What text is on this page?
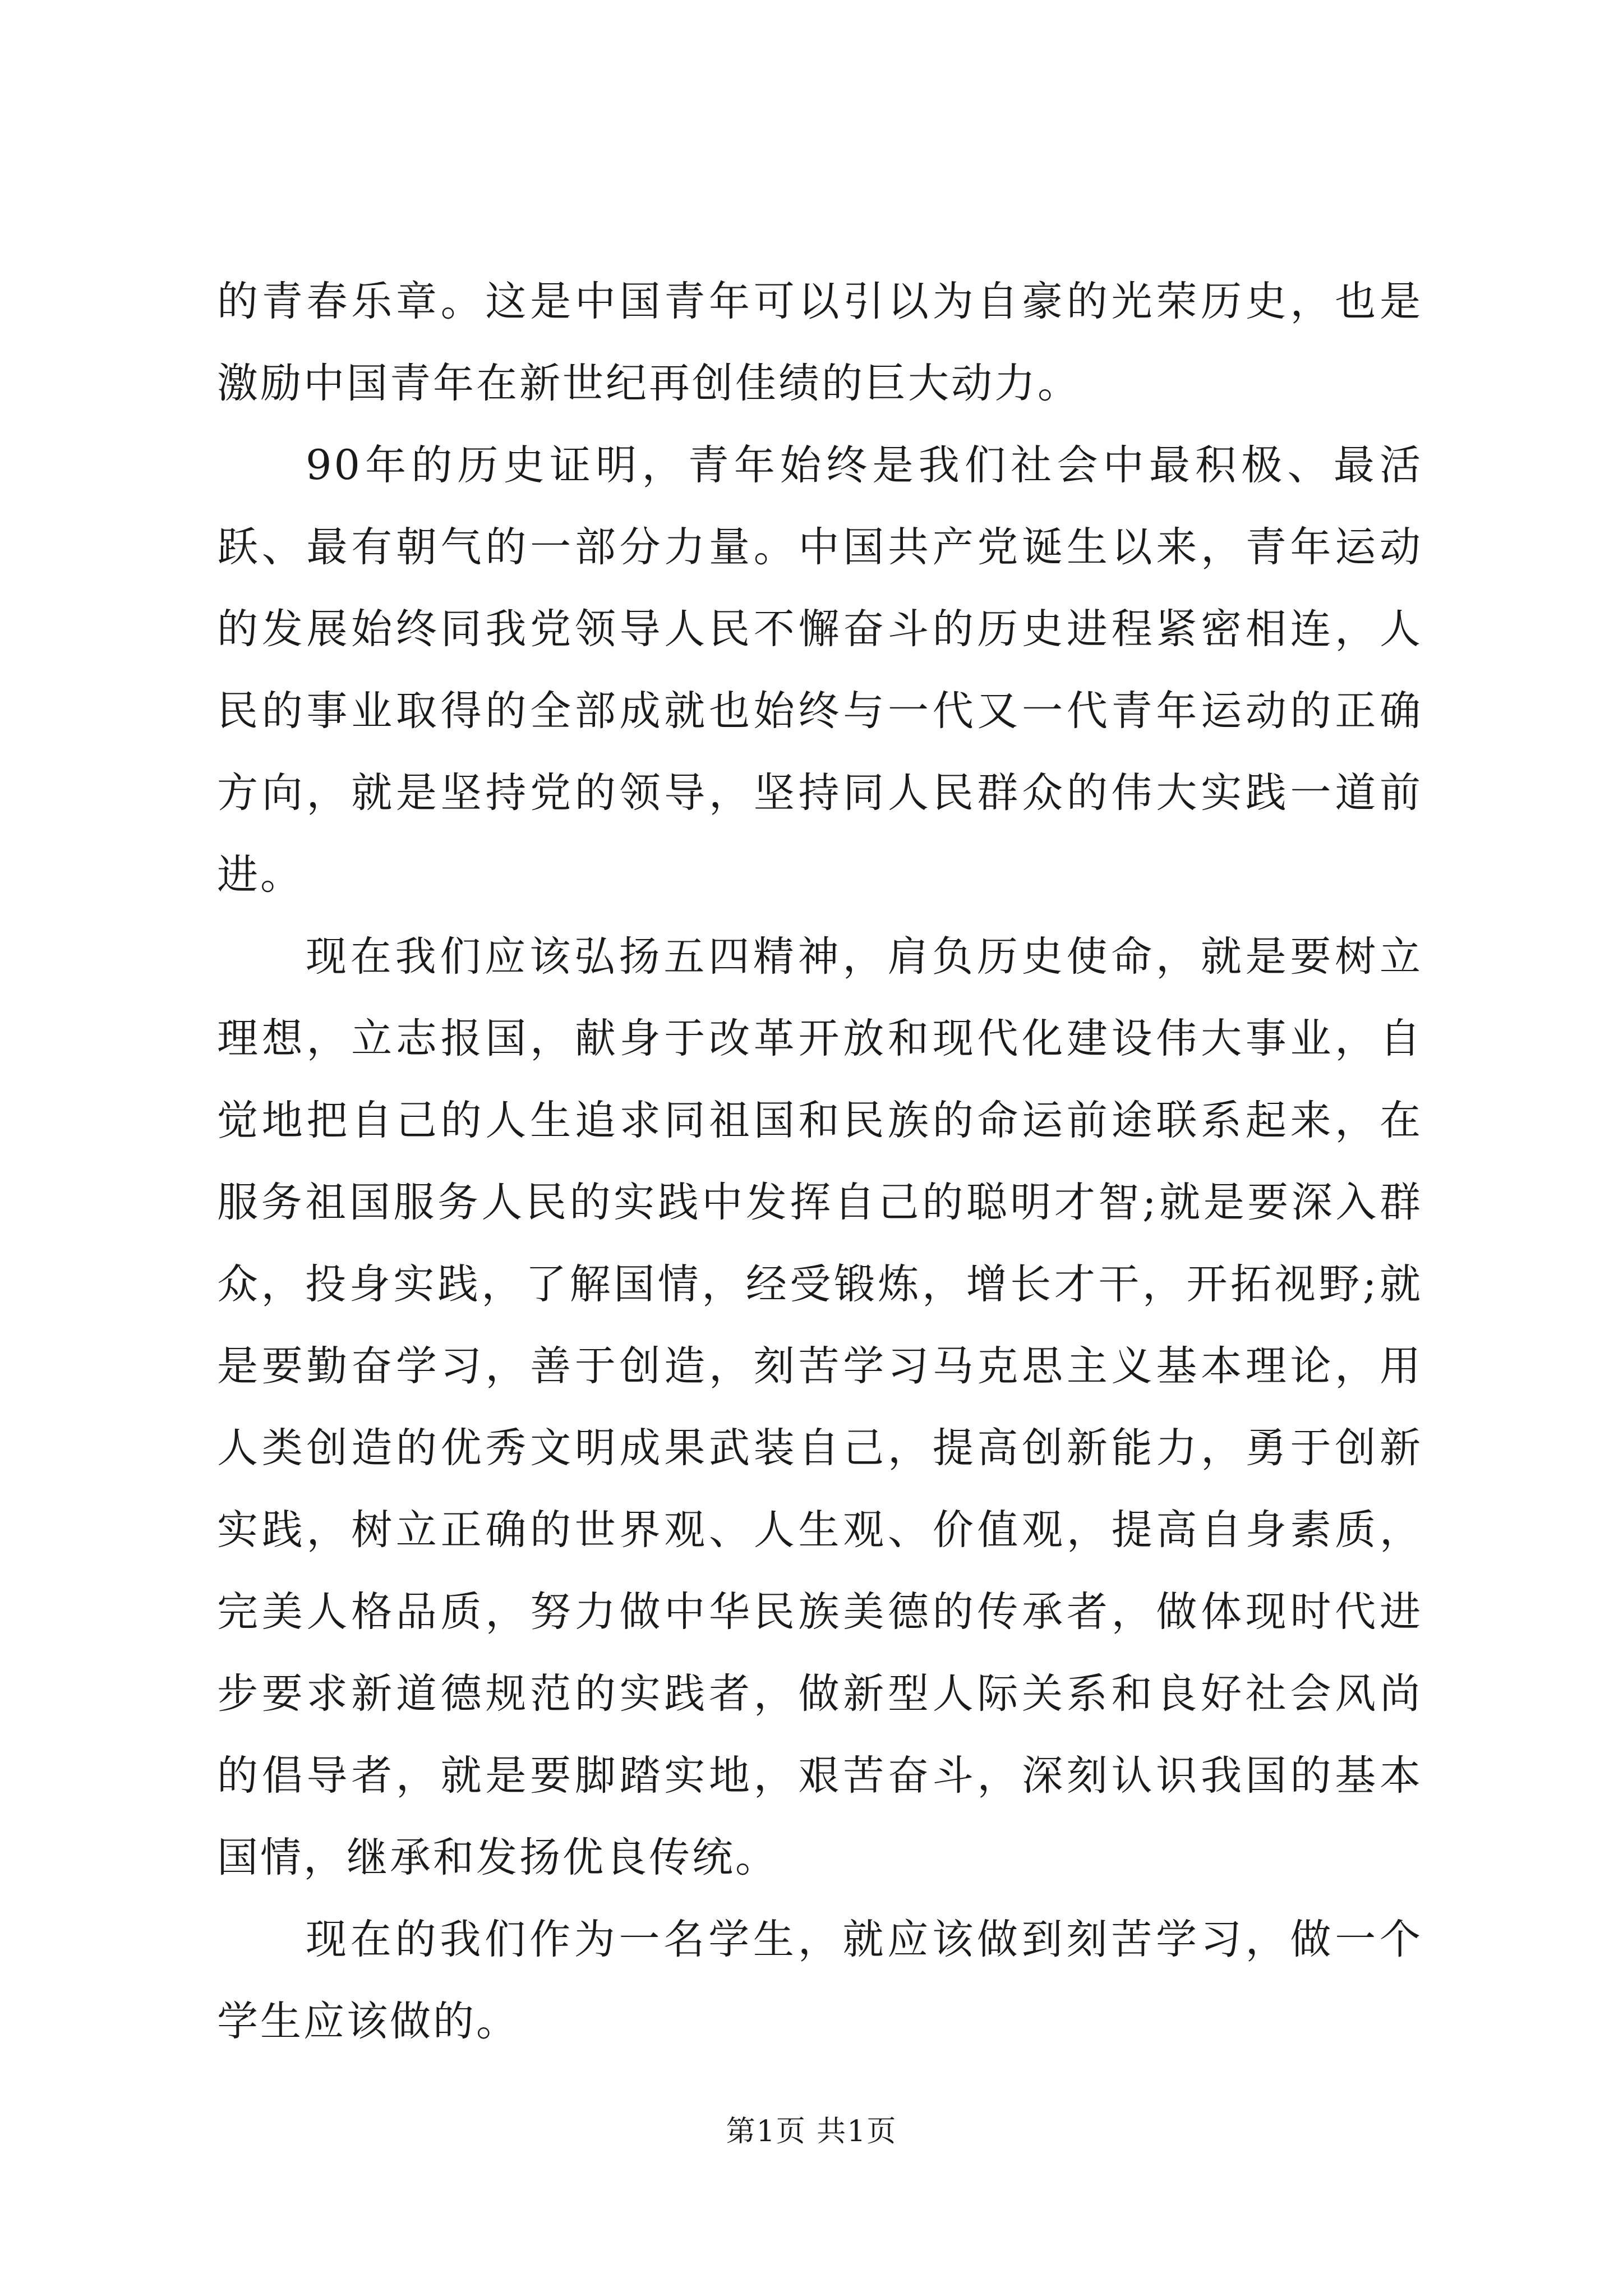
的青春乐章。这是中国青年可以引以为自豪的光荣历史，也是激励中国青年在新世纪再创佳绩的巨大动力。

90年的历史证明，青年始终是我们社会中最积极、最活跃、最有朝气的一部分力量。中国共产党诞生以来，青年运动的发展始终同我党领导人民不懈奋斗的历史进程紧密相连，人民的事业取得的全部成就也始终与一代又一代青年运动的正确方向，就是坚持党的领导，坚持同人民群众的伟大实践一道前进。

现在我们应该弘扬五四精神，肩负历史使命，就是要树立理想，立志报国，献身于改革开放和现代化建设伟大事业，自觉地把自己的人生追求同祖国和民族的命运前途联系起来，在服务祖国服务人民的实践中发挥自己的聪明才智;就是要深入群众，投身实践，了解国情，经受锻炼，增长才干，开拓视野;就是要勤奋学习，善于创造，刻苦学习马克思主义基本理论，用人类创造的优秀文明成果武装自己，提高创新能力，勇于创新实践，树立正确的世界观、人生观、价值观，提高自身素质，完美人格品质，努力做中华民族美德的传承者，做体现时代进步要求新道德规范的实践者，做新型人际关系和良好社会风尚的倡导者，就是要脚踏实地，艰苦奋斗，深刻认识我国的基本国情，继承和发扬优良传统。

现在的我们作为一名学生，就应该做到刻苦学习，做一个学生应该做的。

第1页 共1页
